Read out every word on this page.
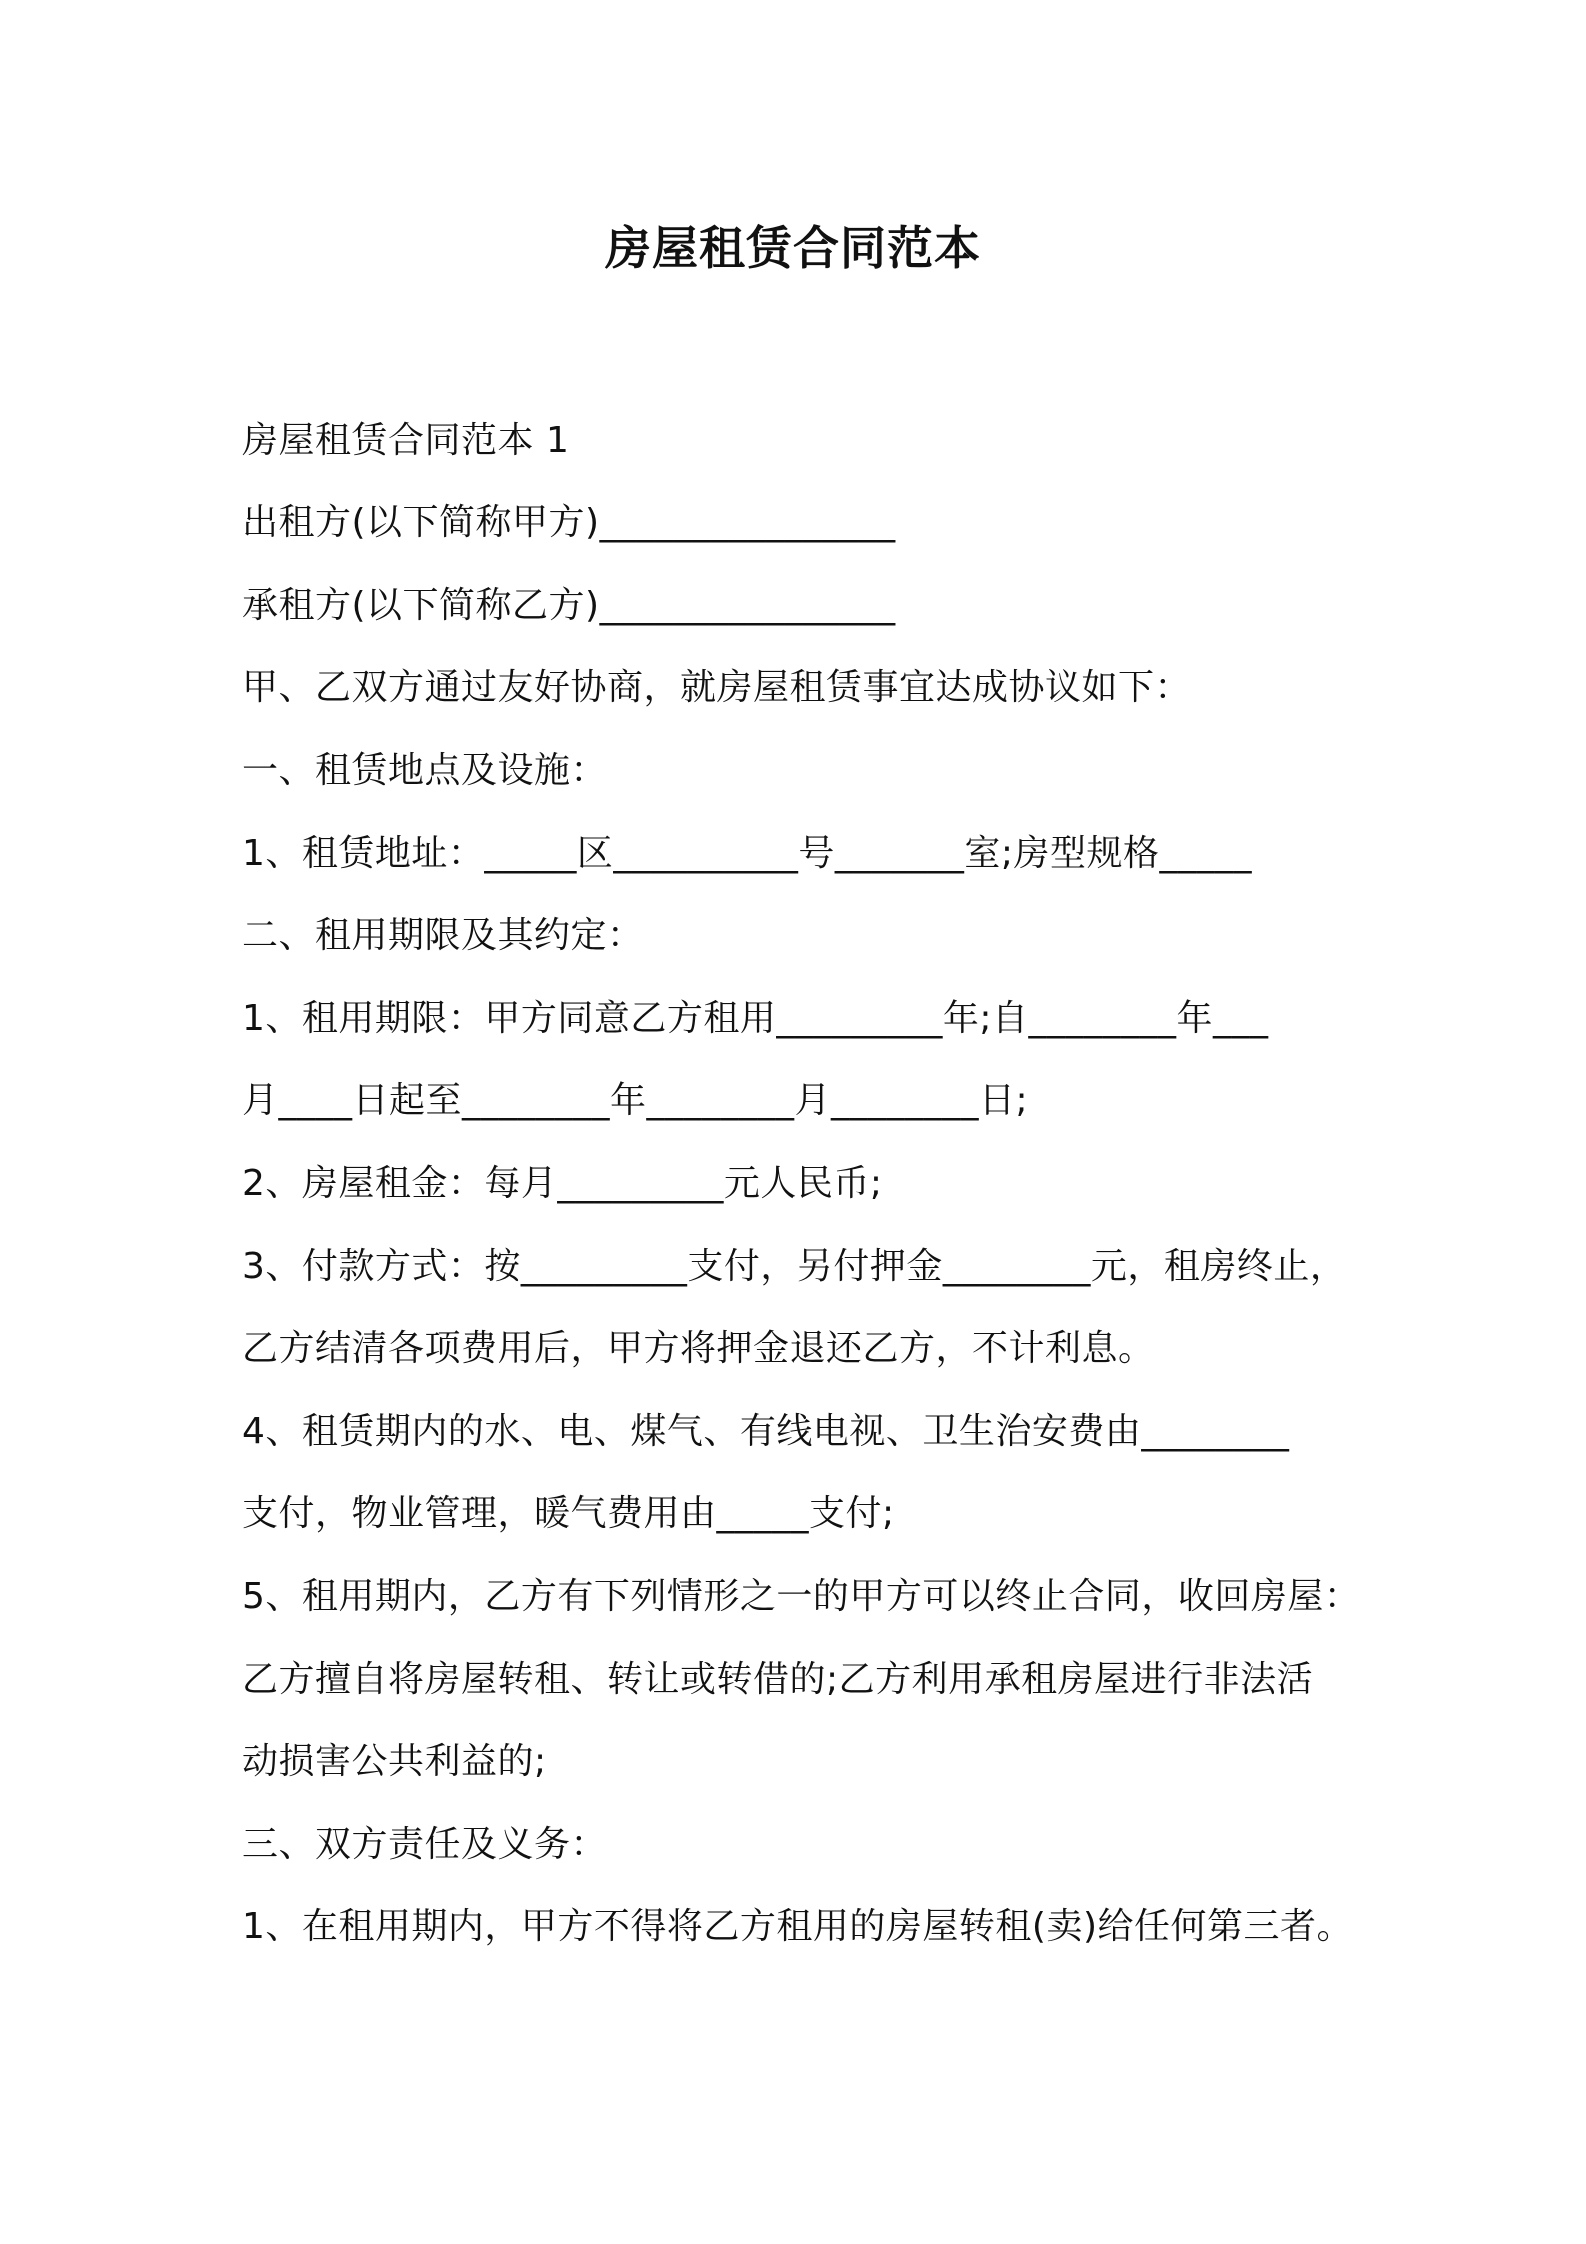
房屋租赁合同范本
房屋租赁合同范本 1
出租方(以下简称甲方)________________
承租方(以下简称乙方)________________
甲、乙双方通过友好协商，就房屋租赁事宜达成协议如下：
一、租赁地点及设施：
1、租赁地址：_____区__________号_______室;房型规格_____
二、租用期限及其约定：
1、租用期限：甲方同意乙方租用_________年;自________年___
月____日起至________年________月________日;
2、房屋租金：每月_________元人民币;
3、付款方式：按_________支付，另付押金________元，租房终止，
乙方结清各项费用后，甲方将押金退还乙方，不计利息。
4、租赁期内的水、电、煤气、有线电视、卫生治安费由________
支付，物业管理，暖气费用由_____支付;
5、租用期内，乙方有下列情形之一的甲方可以终止合同，收回房屋：
乙方擅自将房屋转租、转让或转借的;乙方利用承租房屋进行非法活
动损害公共利益的;
三、双方责任及义务：
1、在租用期内，甲方不得将乙方租用的房屋转租(卖)给任何第三者。
